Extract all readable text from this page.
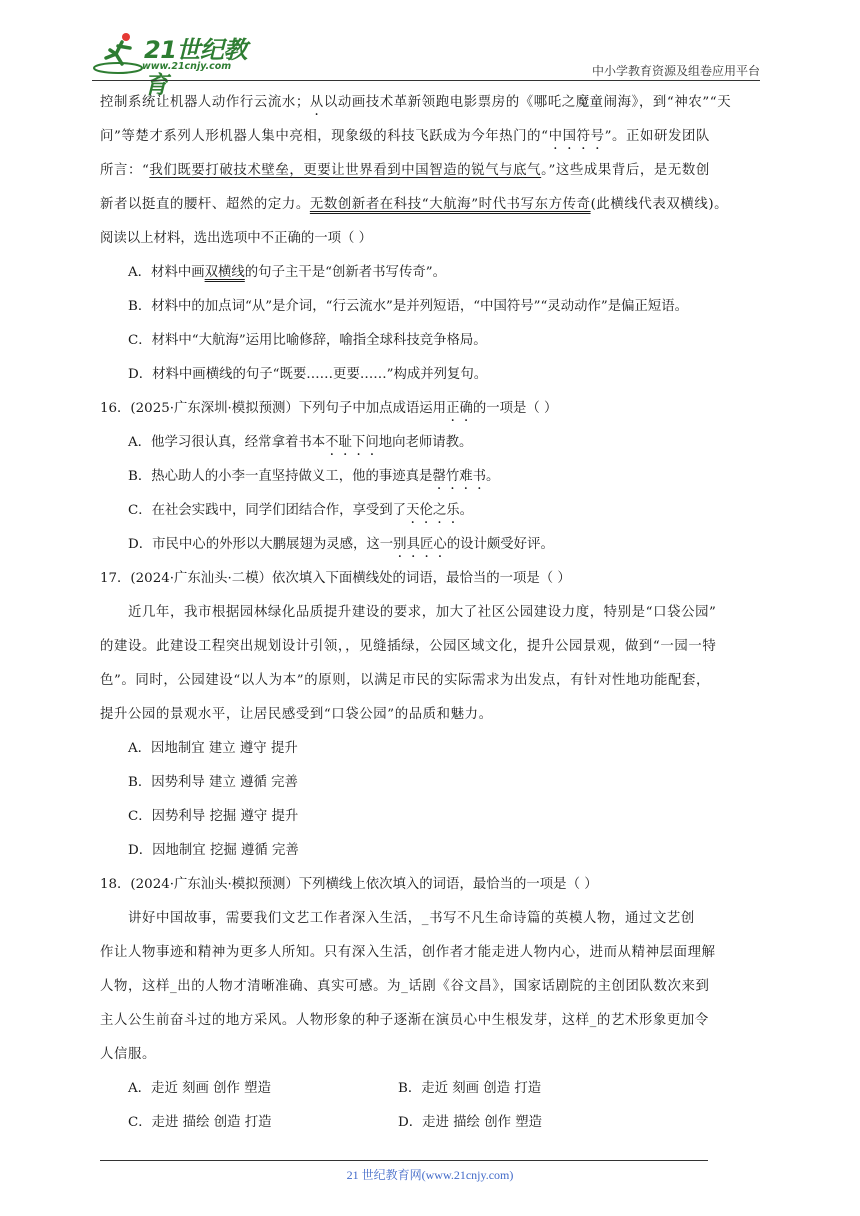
21世纪教育
www.21cnjy.com	中小学教育资源及组卷应用平台
控制系统让机器人动作行云流水；从以动画技术革新领跑电影票房的《哪吒之魔童闹海》，到“神农”“天
问”等楚才系列人形机器人集中亮相，现象级的科技飞跃成为今年热门的“中国符号”。正如研发团队
所言：“我们既要打破技术壁垒，更要让世界看到中国智造的锐气与底气。”这些成果背后，是无数创
新者以挺直的腰杆、超然的定力。无数创新者在科技“大航海”时代书写东方传奇(此横线代表双横线)。
阅读以上材料，选出选项中不正确的一项（ ）
A．材料中画双横线的句子主干是“创新者书写传奇”。
B．材料中的加点词“从”是介词，“行云流水”是并列短语，“中国符号”“灵动动作”是偏正短语。
C．材料中“大航海”运用比喻修辞，喻指全球科技竞争格局。
D．材料中画横线的句子“既要……更要……”构成并列复句。
16．(2025·广东深圳·模拟预测）下列句子中加点成语运用正确的一项是（ ）
A．他学习很认真，经常拿着书本不耻下问地向老师请教。
B．热心助人的小李一直坚持做义工，他的事迹真是罄竹难书。
C．在社会实践中，同学们团结合作，享受到了天伦之乐。
D．市民中心的外形以大鹏展翅为灵感，这一别具匠心的设计颇受好评。
17．(2024·广东汕头·二模）依次填入下面横线处的词语，最恰当的一项是（ ）
近几年，我市根据园林绿化品质提升建设的要求，加大了社区公园建设力度，特别是“口袋公园”
的建设。此建设工程突出规划设计引领，，见缝插绿，公园区域文化，提升公园景观，做到“一园一特
色”。同时，公园建设“以人为本”的原则，以满足市民的实际需求为出发点，有针对性地功能配套，
提升公园的景观水平，让居民感受到“口袋公园”的品质和魅力。
A．因地制宜 建立 遵守 提升
B．因势利导 建立 遵循 完善
C．因势利导 挖掘 遵守 提升
D．因地制宜 挖掘 遵循 完善
18．(2024·广东汕头·模拟预测）下列横线上依次填入的词语，最恰当的一项是（ ）
讲好中国故事，需要我们文艺工作者深入生活，_书写不凡生命诗篇的英模人物，通过文艺创
作让人物事迹和精神为更多人所知。只有深入生活，创作者才能走进人物内心，进而从精神层面理解
人物，这样_出的人物才清晰准确、真实可感。为_话剧《谷文昌》，国家话剧院的主创团队数次来到
主人公生前奋斗过的地方采风。人物形象的种子逐渐在演员心中生根发芽，这样_的艺术形象更加令
人信服。
A．走近 刻画 创作 塑造	B．走近 刻画 创造 打造
C．走进 描绘 创造 打造	D．走进 描绘 创作 塑造
21 世纪教育网(www.21cnjy.com)
